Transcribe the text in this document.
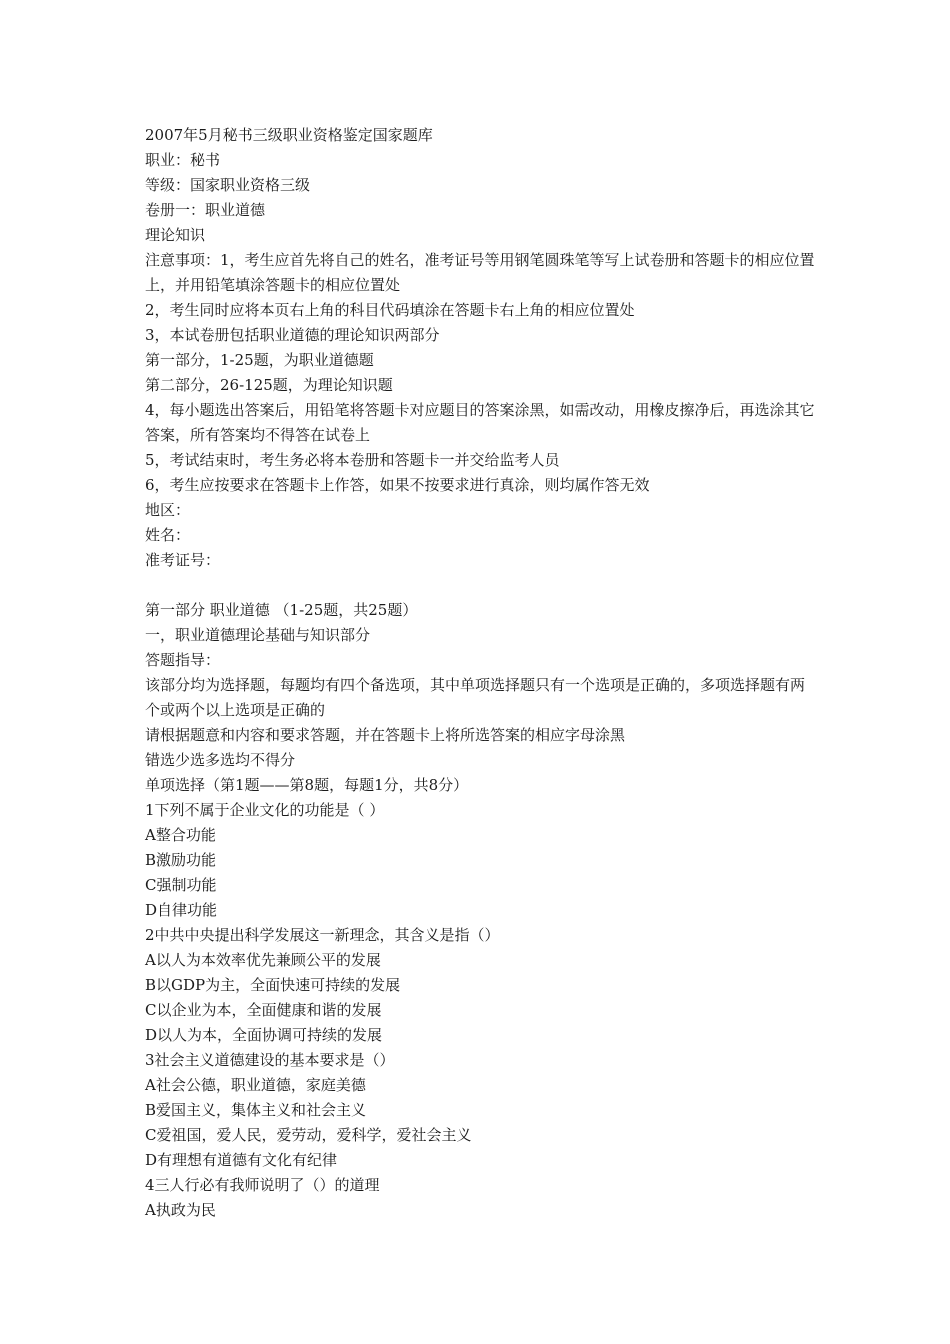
2007年5月秘书三级职业资格鉴定国家题库
职业：秘书
等级：国家职业资格三级
卷册一：职业道德
理论知识
注意事项：1，考生应首先将自己的姓名，准考证号等用钢笔圆珠笔等写上试卷册和答题卡的相应位置上，并用铅笔填涂答题卡的相应位置处
2，考生同时应将本页右上角的科目代码填涂在答题卡右上角的相应位置处
3，本试卷册包括职业道德的理论知识两部分
第一部分，1-25题，为职业道德题
第二部分，26-125题，为理论知识题
4，每小题选出答案后，用铅笔将答题卡对应题目的答案涂黑，如需改动，用橡皮擦净后，再选涂其它答案，所有答案均不得答在试卷上
5，考试结束时，考生务必将本卷册和答题卡一并交给监考人员
6，考生应按要求在答题卡上作答，如果不按要求进行真涂，则均属作答无效
地区：
姓名：
准考证号：
第一部分 职业道德 （1-25题，共25题）
一，职业道德理论基础与知识部分
答题指导：
该部分均为选择题，每题均有四个备选项，其中单项选择题只有一个选项是正确的，多项选择题有两个或两个以上选项是正确的
请根据题意和内容和要求答题，并在答题卡上将所选答案的相应字母涂黑
错选少选多选均不得分
单项选择（第1题——第8题，每题1分，共8分）
1下列不属于企业文化的功能是（ ）
A整合功能
B激励功能
C强制功能
D自律功能
2中共中央提出科学发展这一新理念，其含义是指（）
A以人为本效率优先兼顾公平的发展
B以GDP为主，全面快速可持续的发展
C以企业为本，全面健康和谐的发展
D以人为本，全面协调可持续的发展
3社会主义道德建设的基本要求是（）
A社会公德，职业道德，家庭美德
B爱国主义，集体主义和社会主义
C爱祖国，爱人民，爱劳动，爱科学，爱社会主义
D有理想有道德有文化有纪律
4三人行必有我师说明了（）的道理
A执政为民
